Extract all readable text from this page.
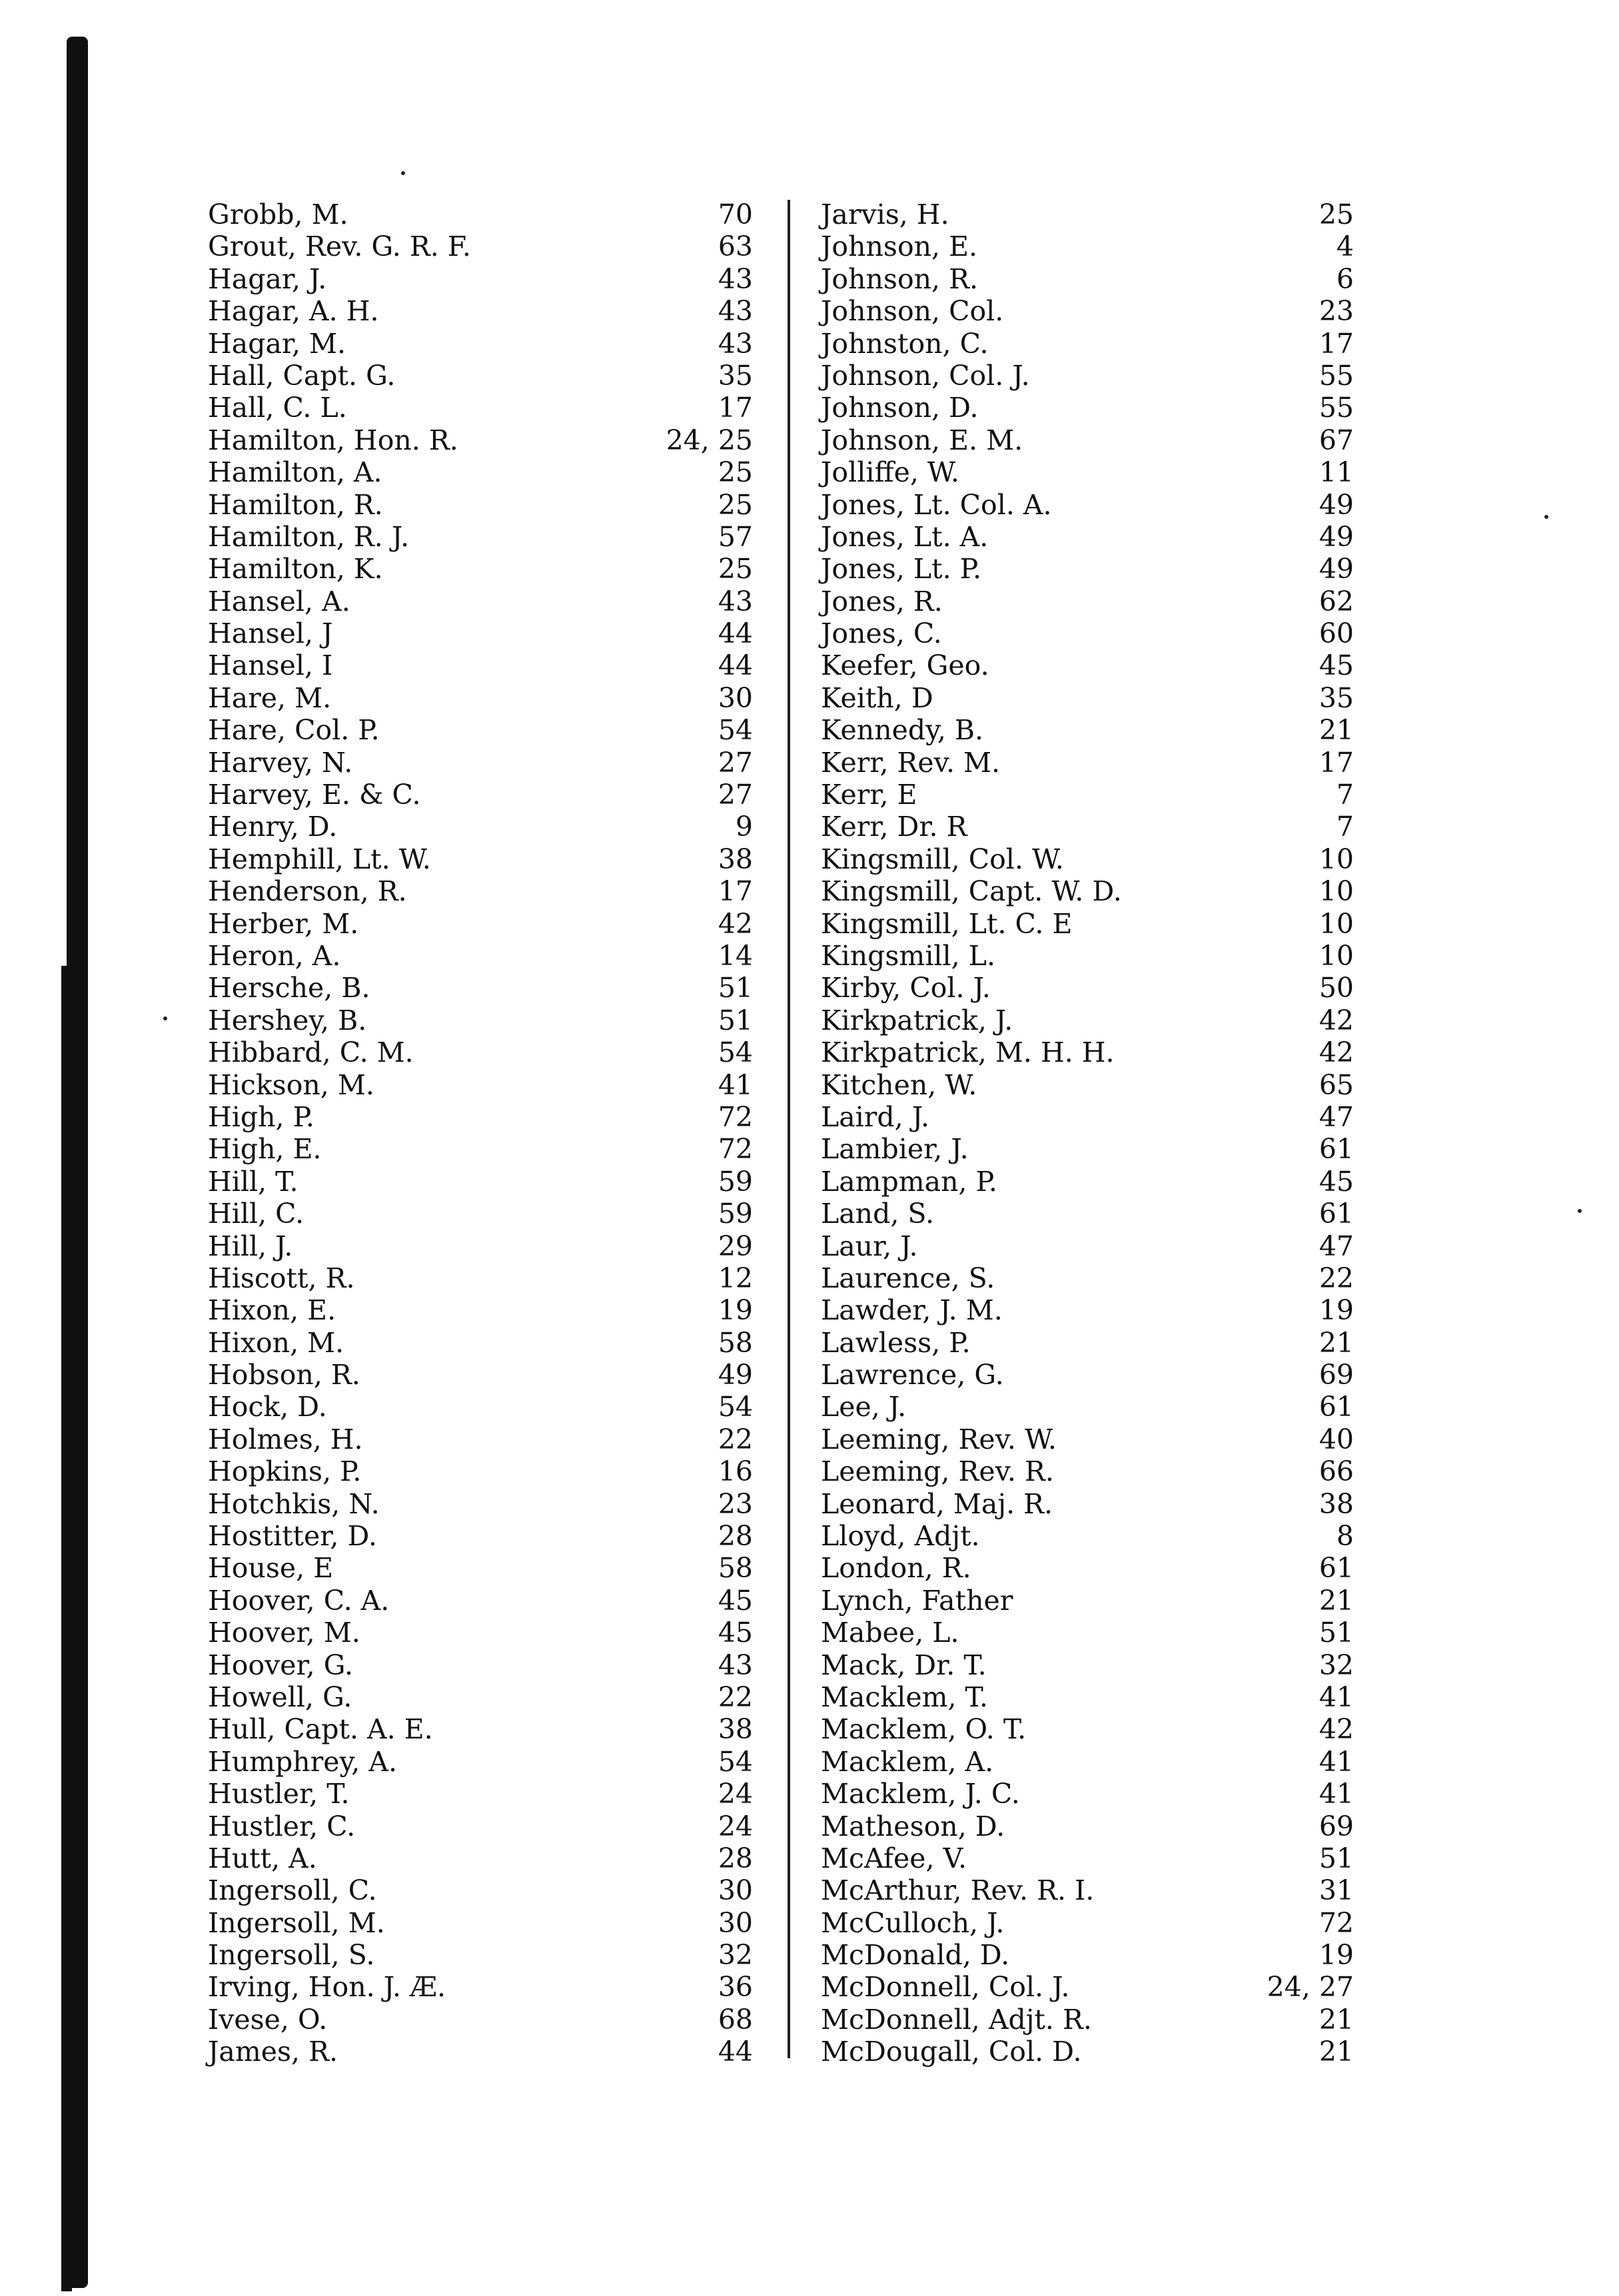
Grobb, M.	70
Grout, Rev. G. R. F.	63
Hagar, J.	43
Hagar, A. H.	43
Hagar, M.	43
Hall, Capt. G.	35
Hall, C. L.	17
Hamilton, Hon. R.	24, 25
Hamilton, A.	25
Hamilton, R.	25
Hamilton, R. J.	57
Hamilton, K.	25
Hansel, A.	43
Hansel, J	44
Hansel, I	44
Hare, M.	30
Hare, Col. P.	54
Harvey, N.	27
Harvey, E. & C.	27
Henry, D.	9
Hemphill, Lt. W.	38
Henderson, R.	17
Herber, M.	42
Heron, A.	14
Hersche, B.	51
Hershey, B.	51
Hibbard, C. M.	54
Hickson, M.	41
High, P.	72
High, E.	72
Hill, T.	59
Hill, C.	59
Hill, J.	29
Hiscott, R.	12
Hixon, E.	19
Hixon, M.	58
Hobson, R.	49
Hock, D.	54
Holmes, H.	22
Hopkins, P.	16
Hotchkis, N.	23
Hostitter, D.	28
House, E	58
Hoover, C. A.	45
Hoover, M.	45
Hoover, G.	43
Howell, G.	22
Hull, Capt. A. E.	38
Humphrey, A.	54
Hustler, T.	24
Hustler, C.	24
Hutt, A.	28
Ingersoll, C.	30
Ingersoll, M.	30
Ingersoll, S.	32
Irving, Hon. J. Æ.	36
Ivese, O.	68
James, R.	44
Jarvis, H.	25
Johnson, E.	4
Johnson, R.	6
Johnson, Col.	23
Johnston, C.	17
Johnson, Col. J.	55
Johnson, D.	55
Johnson, E. M.	67
Jolliffe, W.	11
Jones, Lt. Col. A.	49
Jones, Lt. A.	49
Jones, Lt. P.	49
Jones, R.	62
Jones, C.	60
Keefer, Geo.	45
Keith, D	35
Kennedy, B.	21
Kerr, Rev. M.	17
Kerr, E	7
Kerr, Dr. R	7
Kingsmill, Col. W.	10
Kingsmill, Capt. W. D.	10
Kingsmill, Lt. C. E	10
Kingsmill, L.	10
Kirby, Col. J.	50
Kirkpatrick, J.	42
Kirkpatrick, M. H. H.	42
Kitchen, W.	65
Laird, J.	47
Lambier, J.	61
Lampman, P.	45
Land, S.	61
Laur, J.	47
Laurence, S.	22
Lawder, J. M.	19
Lawless, P.	21
Lawrence, G.	69
Lee, J.	61
Leeming, Rev. W.	40
Leeming, Rev. R.	66
Leonard, Maj. R.	38
Lloyd, Adjt.	8
London, R.	61
Lynch, Father	21
Mabee, L.	51
Mack, Dr. T.	32
Macklem, T.	41
Macklem, O. T.	42
Macklem, A.	41
Macklem, J. C.	41
Matheson, D.	69
McAfee, V.	51
McArthur, Rev. R. I.	31
McCulloch, J.	72
McDonald, D.	19
McDonnell, Col. J.	24, 27
McDonnell, Adjt. R.	21
McDougall, Col. D.	21
